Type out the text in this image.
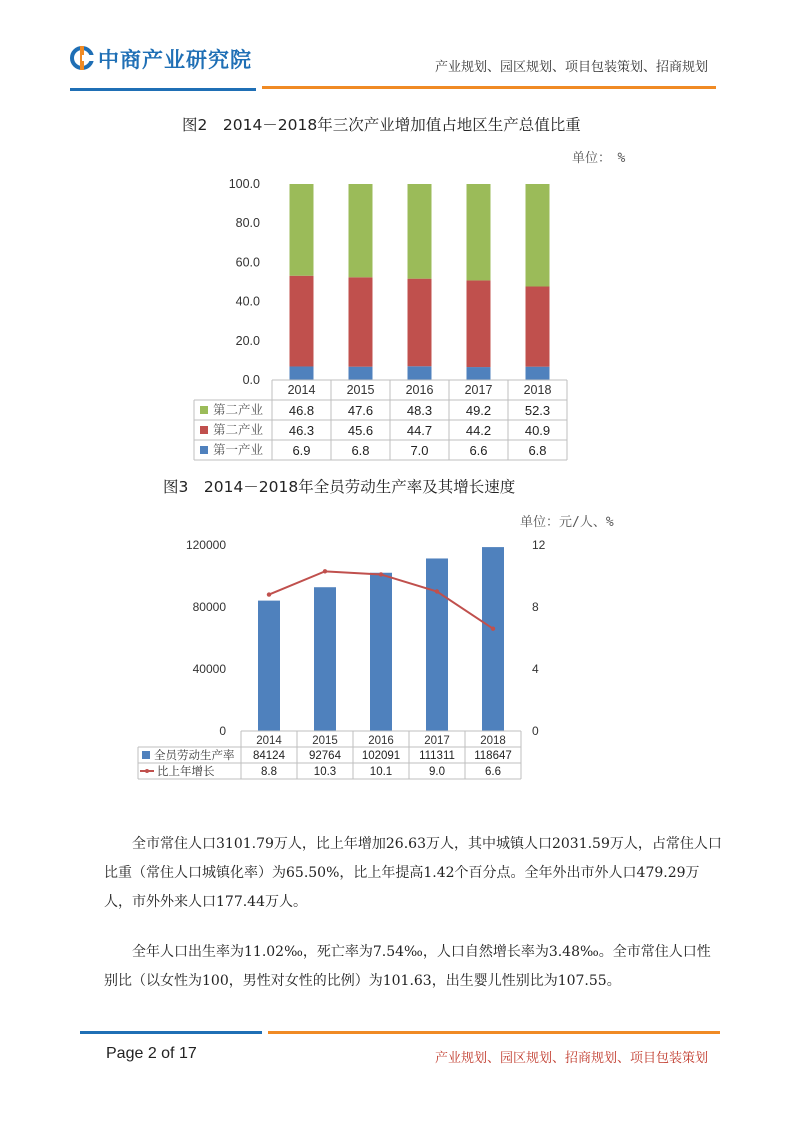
中商产业研究院	产业规划、园区规划、项目包装策划、招商规划
图2　2014－2018年三次产业增加值占地区生产总值比重
单位：　%
0.0
20.0
40.0
60.0
80.0
100.0
2014 2015 2016 2017 2018
第二产业 46.8	47.6	48.3	49.2	52.3
第二产业 46.3	45.6	44.7	44.2	40.9
第一产业 6.9	6.8	7.0	6.6	6.8
图3　2014－2018年全员劳动生产率及其增长速度
单位：元/人、%
0
40000
80000
120000
0
4
8
12
2014	2015	2016	2017	2018
全员劳动生产率 84124 92764 102091 111311 118647
比上年增长	8.8	10.3	10.1	9.0	6.6
全市常住人口3101.79万人，比上年增加26.63万人，其中城镇人口2031.59万人，占常住人口比重（常住人口城镇化率）为65.50%，比上年提高1.42个百分点。全年外出市外人口479.29万人，市外外来人口177.44万人。
全年人口出生率为11.02‰，死亡率为7.54‰，人口自然增长率为3.48‰。全市常住人口性别比（以女性为100，男性对女性的比例）为101.63，出生婴儿性别比为107.55。
Page 2 of 17	产业规划、园区规划、招商规划、项目包装策划
